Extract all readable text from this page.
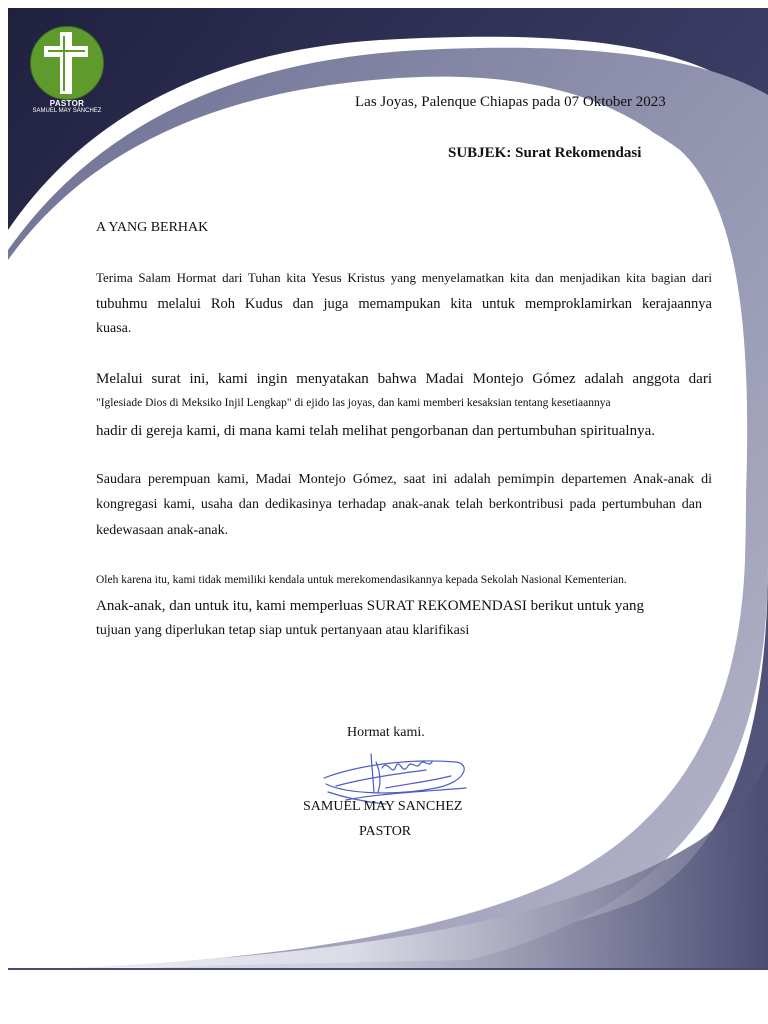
PASTOR
SAMUEL MAY SÁNCHEZ
Las Joyas, Palenque Chiapas pada 07 Oktober 2023
SUBJEK: Surat Rekomendasi
A YANG BERHAK
Terima Salam Hormat dari Tuhan kita Yesus Kristus yang menyelamatkan kita dan menjadikan kita bagian dari
tubuhmu melalui Roh Kudus dan juga memampukan kita untuk memproklamirkan kerajaannya
kuasa.
Melalui surat ini, kami ingin menyatakan bahwa Madai Montejo Gómez adalah anggota dari
"Iglesiade Dios di Meksiko Injil Lengkap" di ejido las joyas, dan kami memberi kesaksian tentang kesetiaannya
hadir di gereja kami, di mana kami telah melihat pengorbanan dan pertumbuhan spiritualnya.
Saudara perempuan kami, Madai Montejo Gómez, saat ini adalah pemimpin departemen Anak-anak di
kongregasi kami, usaha dan dedikasinya terhadap anak-anak telah berkontribusi pada pertumbuhan dan
kedewasaan anak-anak.
Oleh karena itu, kami tidak memiliki kendala untuk merekomendasikannya kepada Sekolah Nasional Kementerian.
Anak-anak, dan untuk itu, kami memperluas SURAT REKOMENDASI berikut untuk yang
tujuan yang diperlukan tetap siap untuk pertanyaan atau klarifikasi
Hormat kami.
SAMUEL MAY SANCHEZ
PASTOR
